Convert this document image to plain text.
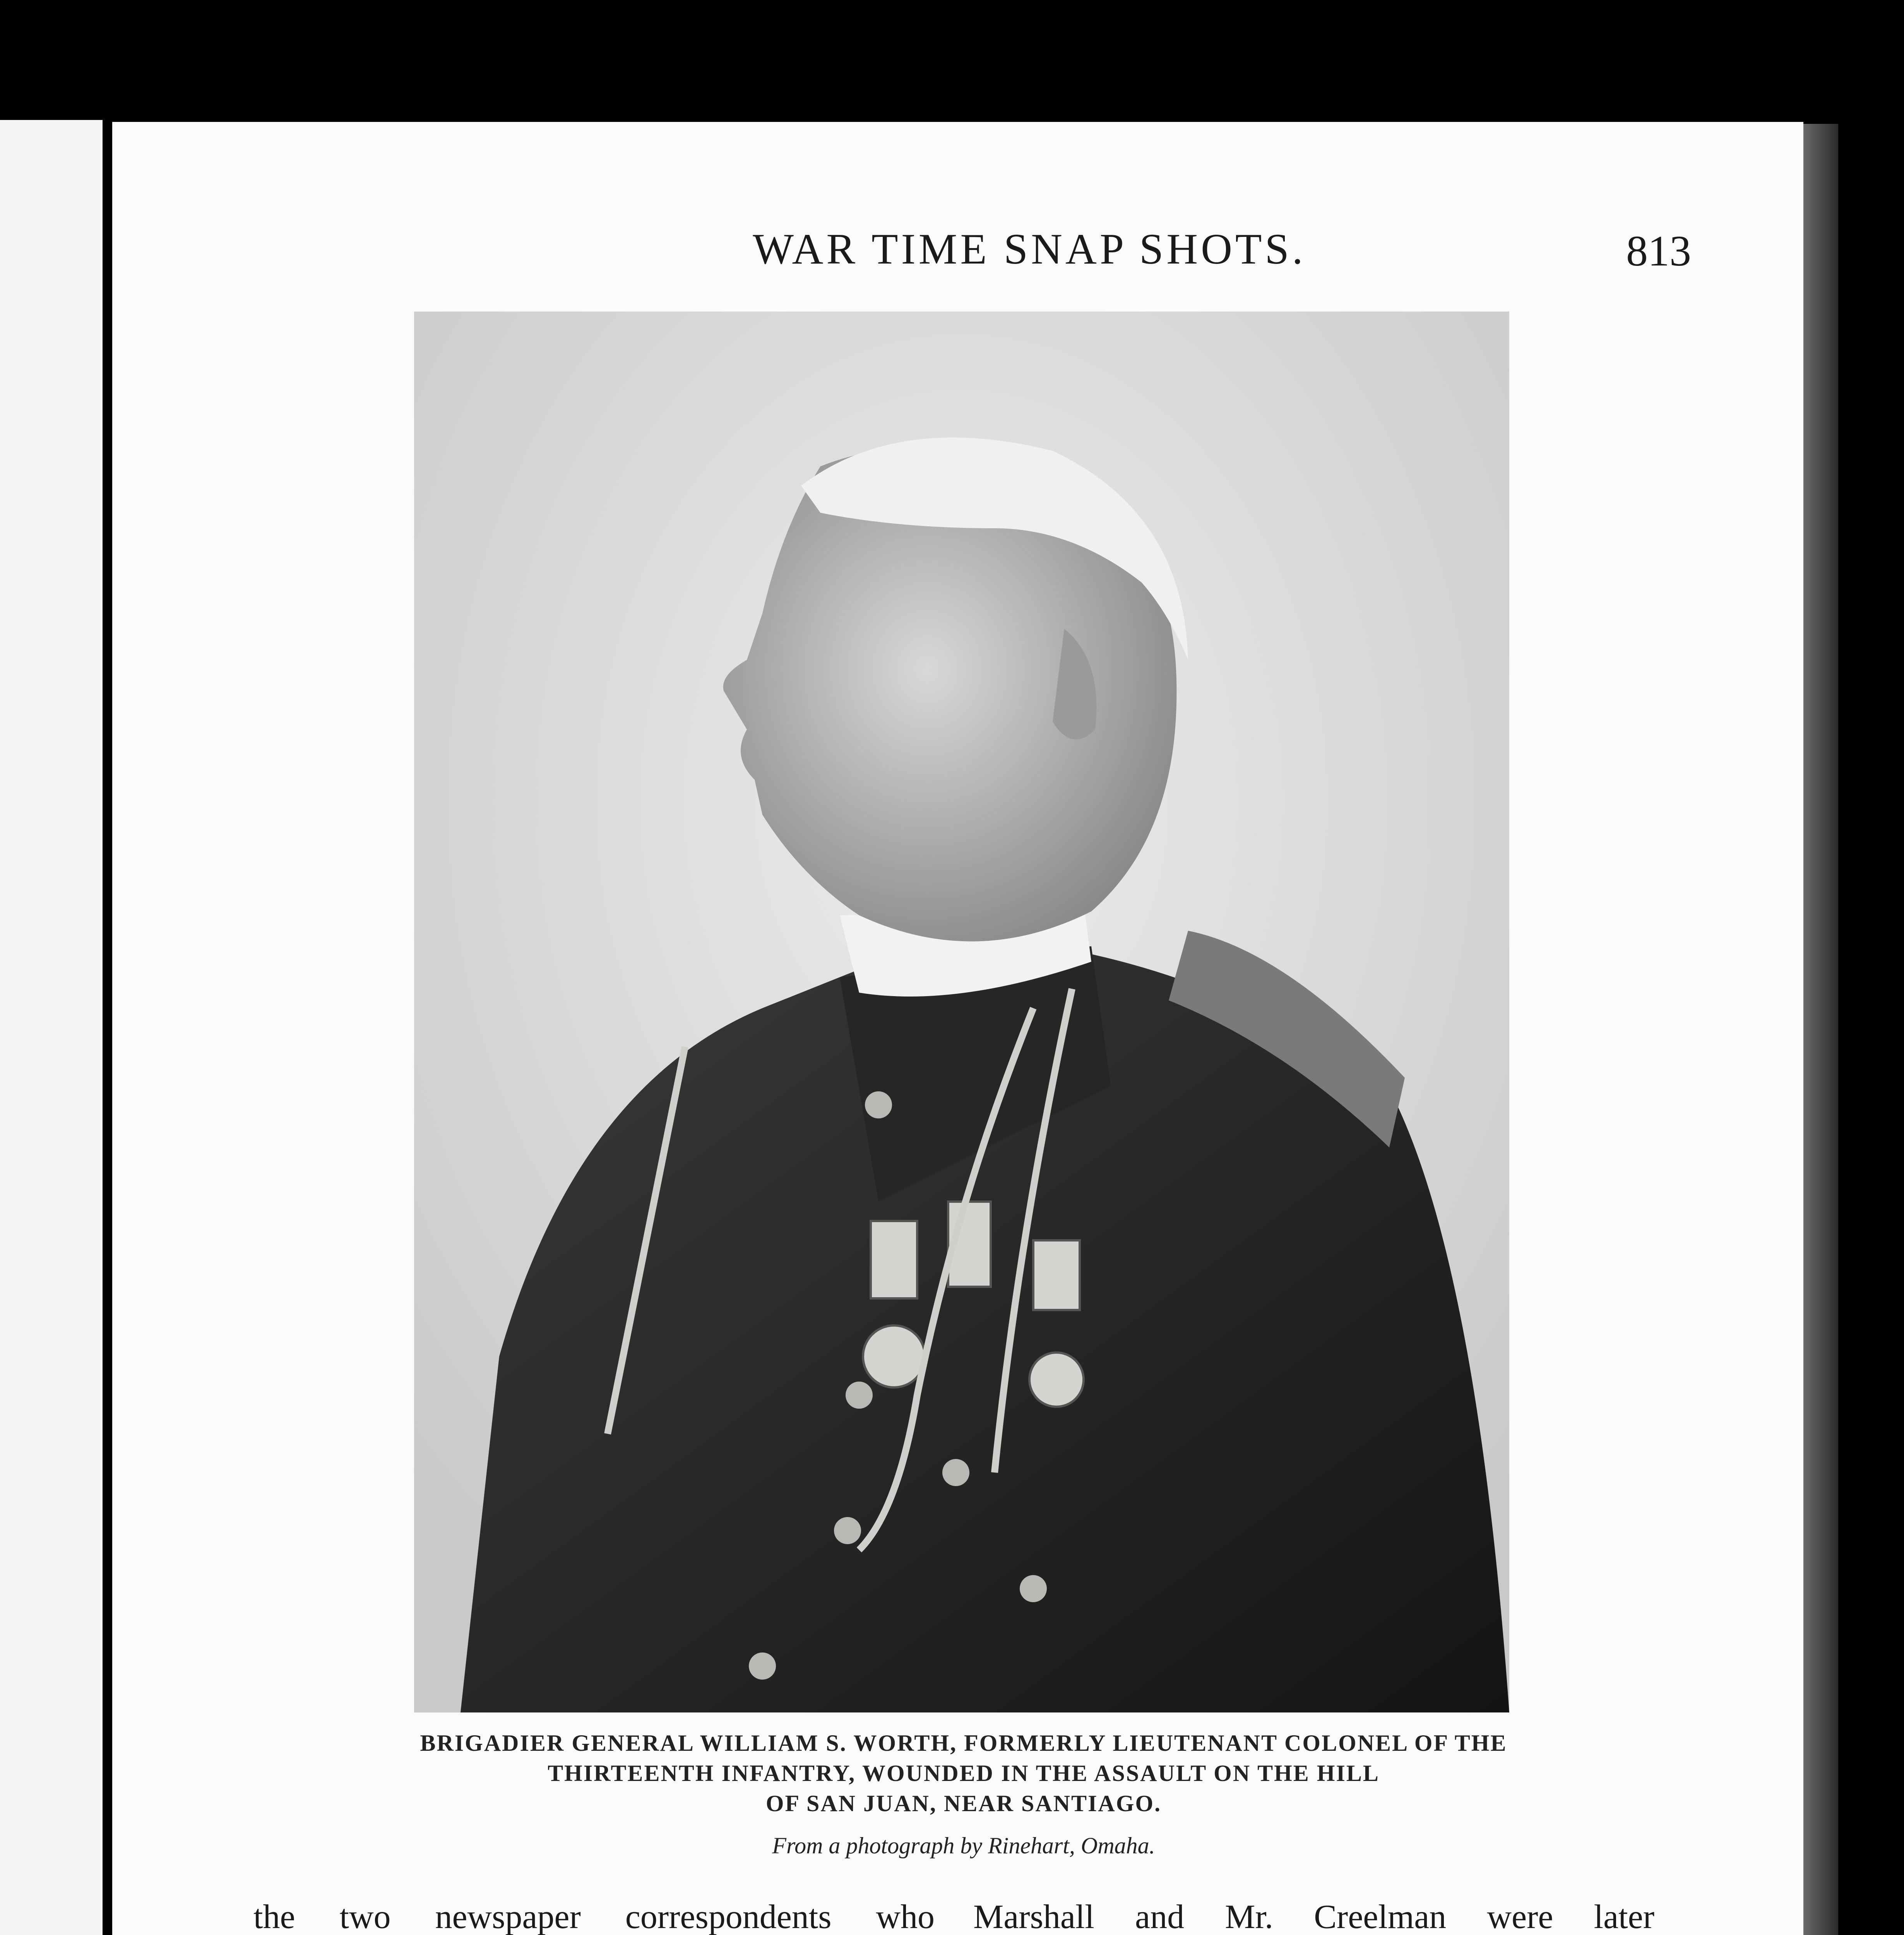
WAR TIME SNAP SHOTS.	813
BRIGADIER GENERAL WILLIAM S. WORTH, FORMERLY LIEUTENANT COLONEL OF THE
THIRTEENTH INFANTRY, WOUNDED IN THE ASSAULT ON THE HILL
OF SAN JUAN, NEAR SANTIAGO.
From a photograph by Rinehart, Omaha.
the two newspaper correspondents who Marshall and Mr. Creelman were later
